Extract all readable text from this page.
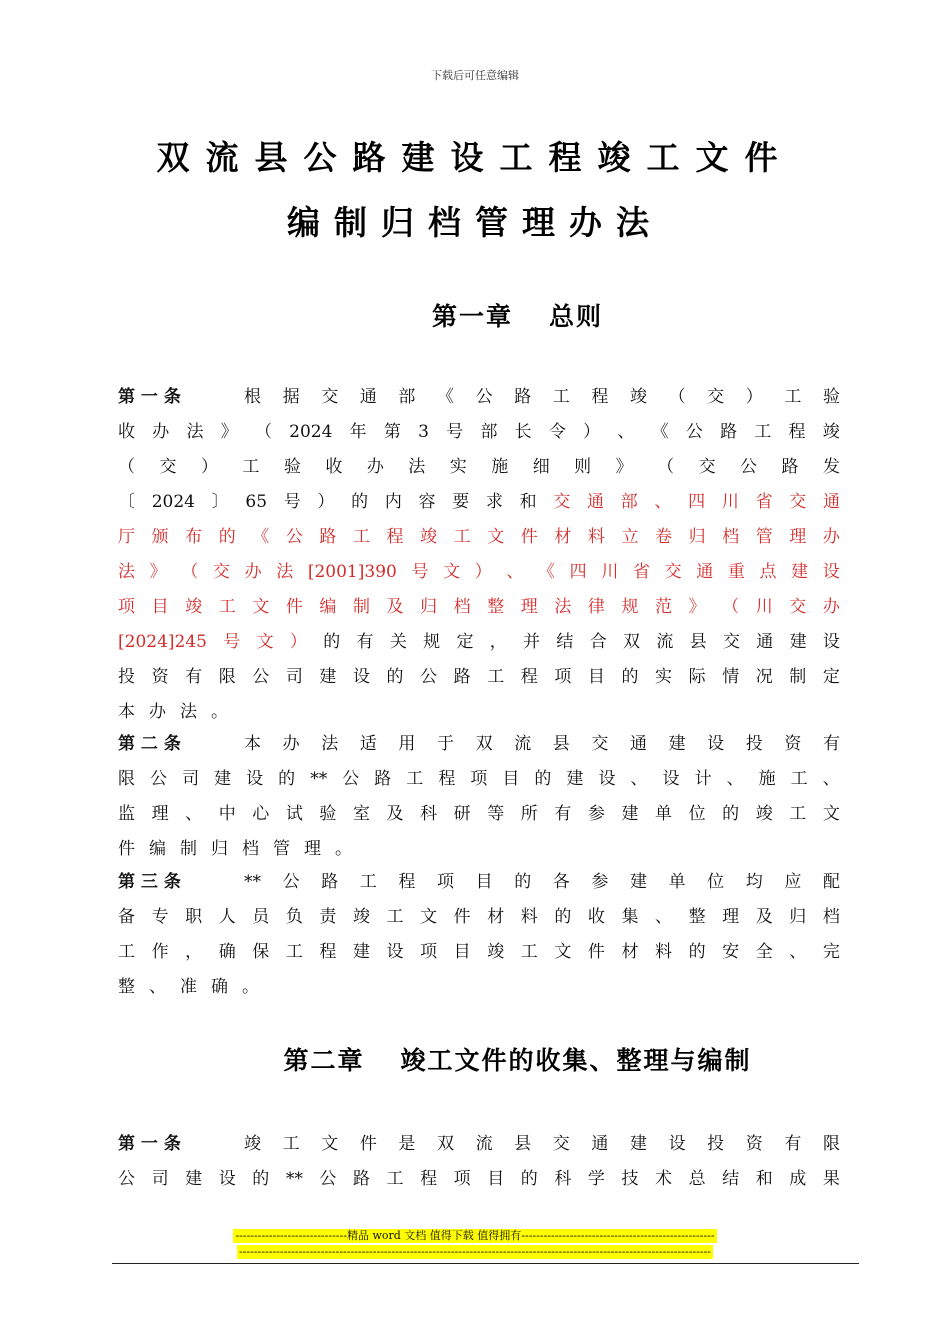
下载后可任意编辑
双流县公路建设工程竣工文件
编制归档管理办法
第一章 总则
第二章 竣工文件的收集、整理与编制
第 一 条	根 据 交 通 部 《 公 路 工 程 竣 （ 交 ） 工 验
收 办 法 》 （ 2024 年 第 3 号 部 长 令 ） 、 《 公 路 工 程 竣
（ 交 ） 工 验 收 办 法 实 施 细 则 》 （ 交 公 路 发
〔 2024 〕 65 号 ） 的 内 容 要 求 和 交 通 部 、 四 川 省 交 通
厅 颁 布 的 《 公 路 工 程 竣 工 文 件 材 料 立 卷 归 档 管 理 办
法 》 （ 交 办 法 [2001]390 号 文 ） 、 《 四 川 省 交 通 重 点 建 设
项 目 竣 工 文 件 编 制 及 归 档 整 理 法 律 规 范 》 （ 川 交 办
[2024]245 号 文 ） 的 有 关 规 定 ， 并 结 合 双 流 县 交 通 建 设
投 资 有 限 公 司 建 设 的 公 路 工 程 项 目 的 实 际 情 况 制 定
本 办 法 。
第 二 条	本 办 法 适 用 于 双 流 县 交 通 建 设 投 资 有
限 公 司 建 设 的 ** 公 路 工 程 项 目 的 建 设 、 设 计 、 施 工 、
监 理 、 中 心 试 验 室 及 科 研 等 所 有 参 建 单 位 的 竣 工 文
件 编 制 归 档 管 理 。
第 三 条	** 公 路 工 程 项 目 的 各 参 建 单 位 均 应 配
备 专 职 人 员 负 责 竣 工 文 件 材 料 的 收 集 、 整 理 及 归 档
工 作 ， 确 保 工 程 建 设 项 目 竣 工 文 件 材 料 的 安 全 、 完
整 、 准 确 。
第 一 条	竣 工 文 件 是 双 流 县 交 通 建 设 投 资 有 限
公 司 建 设 的 ** 公 路 工 程 项 目 的 科 学 技 术 总 结 和 成 果
------------------------------精品 word 文档 值得下载 值得拥有----------------------------------------------------
-------------------------------------------------------------------------------------------------------------------------------
